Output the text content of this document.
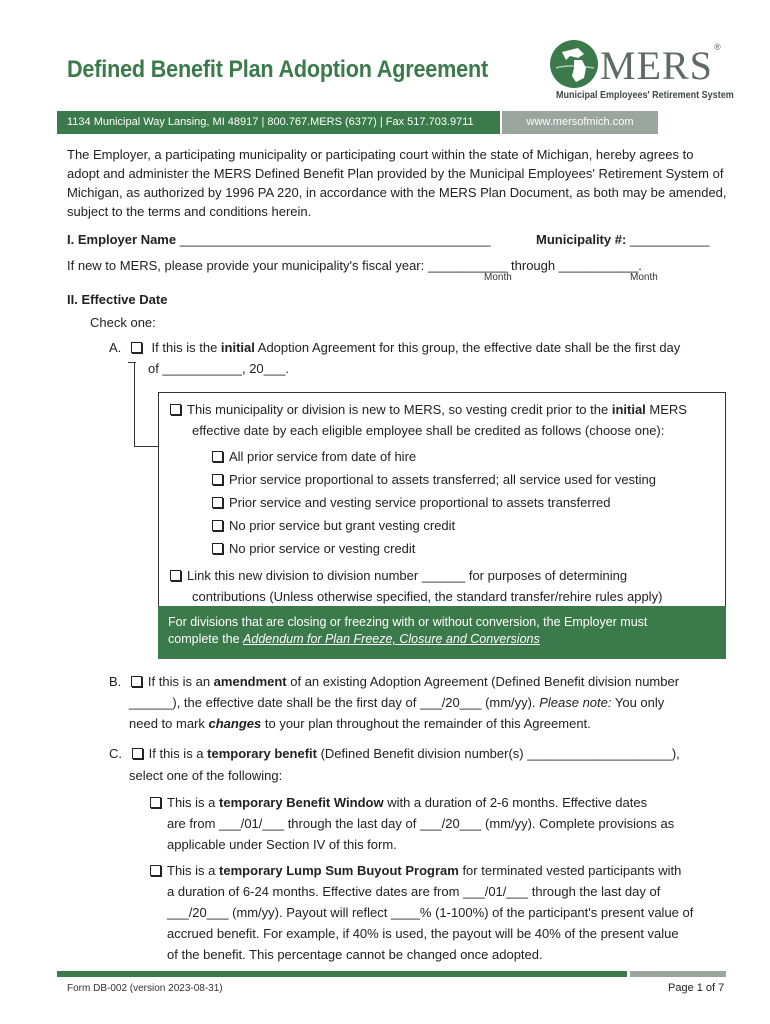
Defined Benefit Plan Adoption Agreement	MERS ®
Municipal Employees' Retirement System
1134 Municipal Way Lansing, MI 48917 | 800.767.MERS (6377) | Fax 517.703.9711	www.mersofmich.com
The Employer, a participating municipality or participating court within the state of Michigan, hereby agrees to adopt and administer the MERS Defined Benefit Plan provided by the Municipal Employees' Retirement System of Michigan, as authorized by 1996 PA 220, in accordance with the MERS Plan Document, as both may be amended, subject to the terms and conditions herein.
I. Employer Name ___________________________________________	Municipality #: ___________
If new to MERS, please provide your municipality's fiscal year: ___________ through ___________.
Month	Month
II. Effective Date
Check one:
A. If this is the initial Adoption Agreement for this group, the effective date shall be the first day
of ___________, 20___.
This municipality or division is new to MERS, so vesting credit prior to the initial MERS
effective date by each eligible employee shall be credited as follows (choose one):
All prior service from date of hire
Prior service proportional to assets transferred; all service used for vesting
Prior service and vesting service proportional to assets transferred
No prior service but grant vesting credit
No prior service or vesting credit
Link this new division to division number ______ for purposes of determining
contributions (Unless otherwise specified, the standard transfer/rehire rules apply)
For divisions that are closing or freezing with or without conversion, the Employer must
complete the Addendum for Plan Freeze, Closure and Conversions
B. If this is an amendment of an existing Adoption Agreement (Defined Benefit division number
______), the effective date shall be the first day of ___/20___ (mm/yy). Please note: You only
need to mark changes to your plan throughout the remainder of this Agreement.
C. If this is a temporary benefit (Defined Benefit division number(s) ____________________),
select one of the following:
This is a temporary Benefit Window with a duration of 2-6 months. Effective dates
are from ___/01/___ through the last day of ___/20___ (mm/yy). Complete provisions as
applicable under Section IV of this form.
This is a temporary Lump Sum Buyout Program for terminated vested participants with
a duration of 6-24 months. Effective dates are from ___/01/___ through the last day of
___/20___ (mm/yy). Payout will reflect ____% (1-100%) of the participant's present value of
accrued benefit. For example, if 40% is used, the payout will be 40% of the present value
of the benefit. This percentage cannot be changed once adopted.
Form DB-002 (version 2023-08-31)	Page 1 of 7
